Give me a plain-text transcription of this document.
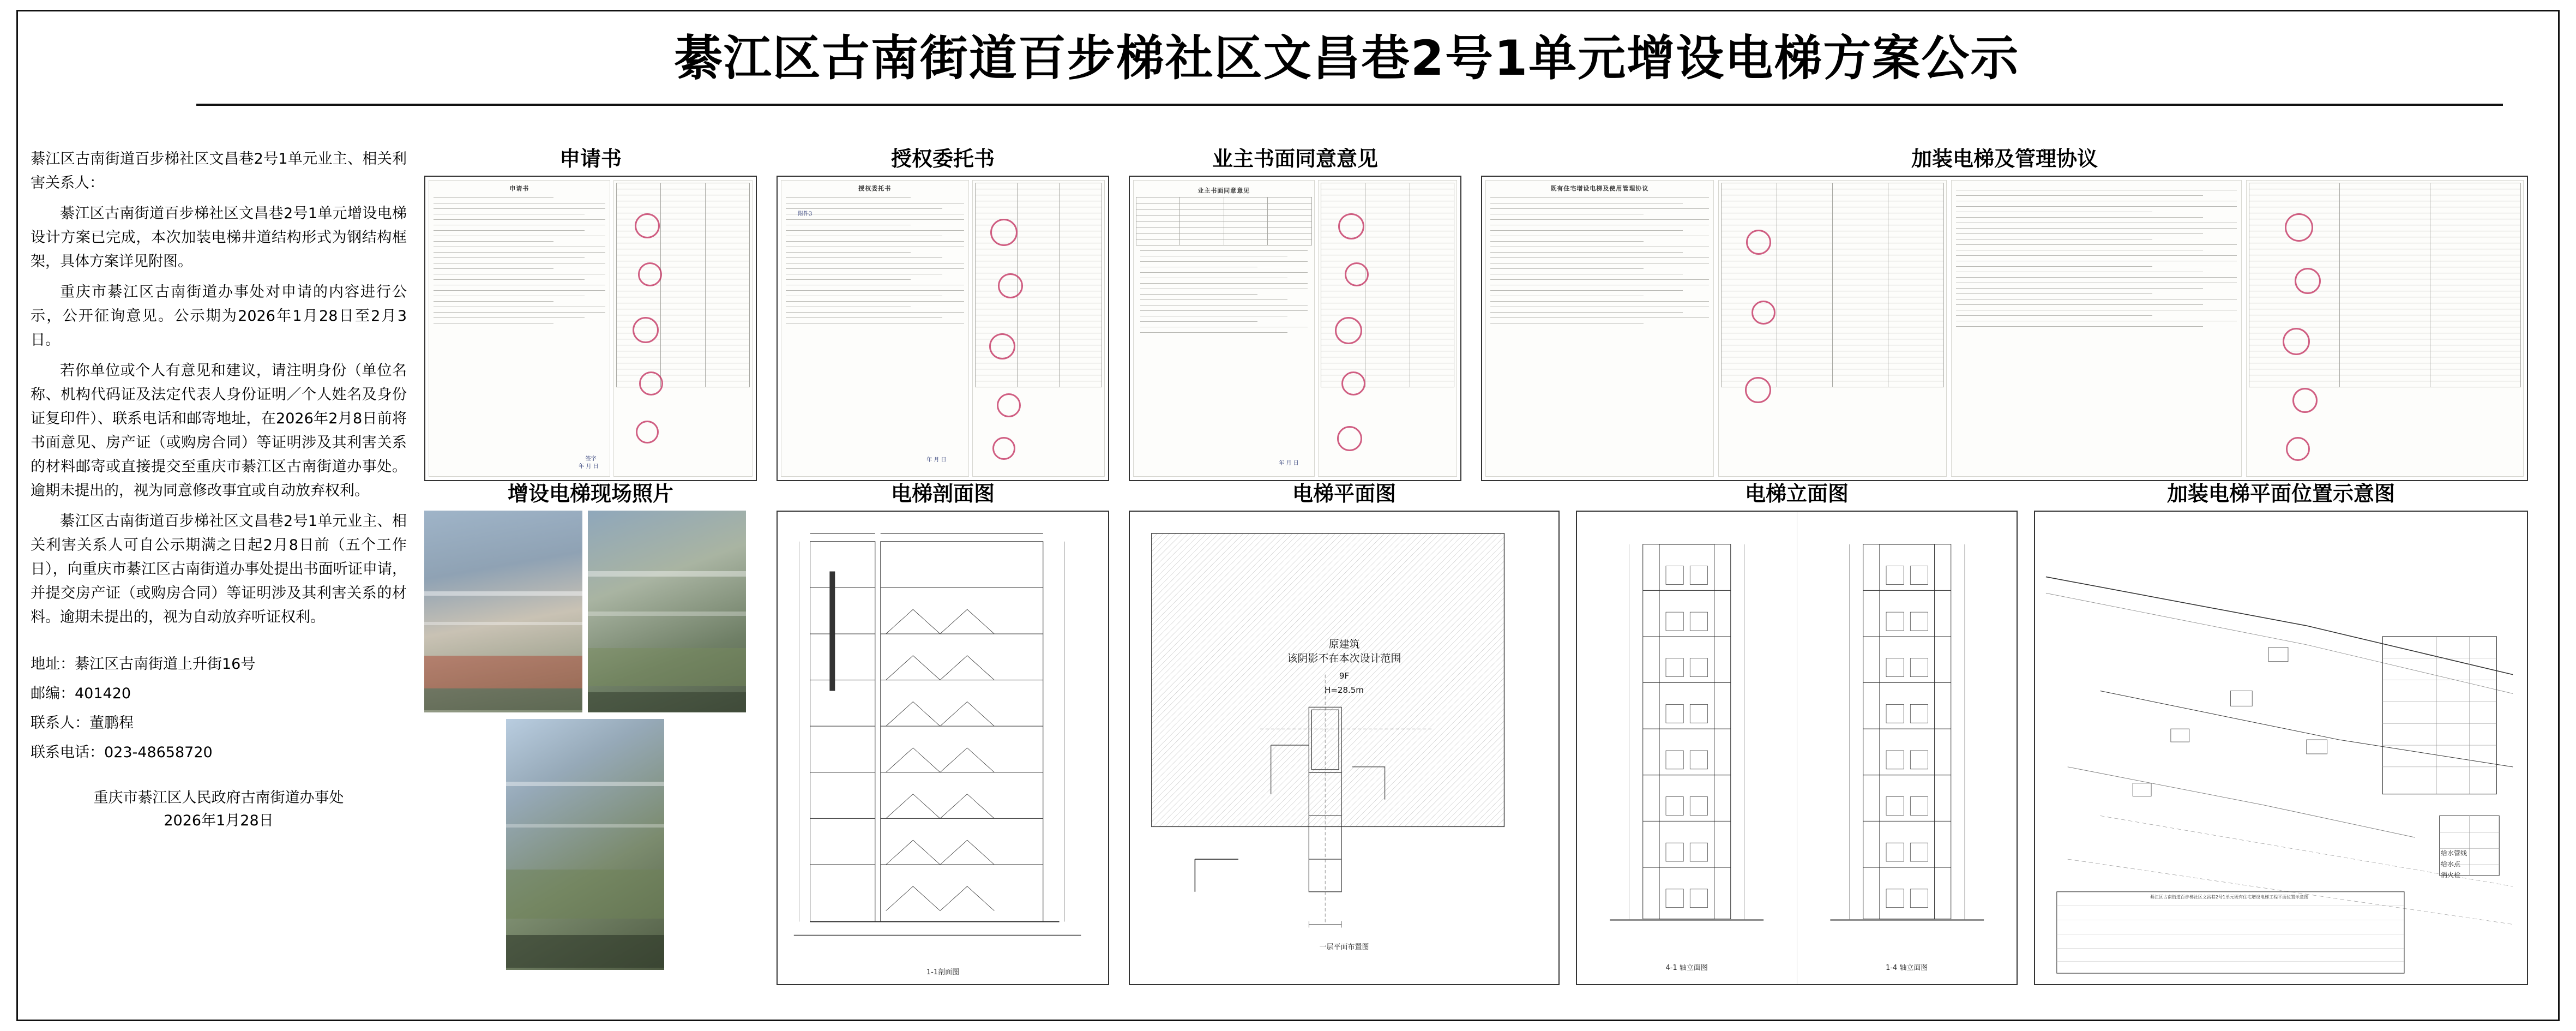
綦江区古南街道百步梯社区文昌巷2号1单元增设电梯方案公示

綦江区古南街道百步梯社区文昌巷2号1单元业主、相关利害关系人：

綦江区古南街道百步梯社区文昌巷2号1单元增设电梯设计方案已完成，本次加装电梯井道结构形式为钢结构框架，具体方案详见附图。

重庆市綦江区古南街道办事处对申请的内容进行公示，公开征询意见。公示期为2026年1月28日至2月3日。

若你单位或个人有意见和建议，请注明身份（单位名称、机构代码证及法定代表人身份证明／个人姓名及身份证复印件）、联系电话和邮寄地址，在2026年2月8日前将书面意见、房产证（或购房合同）等证明涉及其利害关系的材料邮寄或直接提交至重庆市綦江区古南街道办事处。逾期未提出的，视为同意修改事宜或自动放弃权利。

綦江区古南街道百步梯社区文昌巷2号1单元业主、相关利害关系人可自公示期满之日起2月8日前（五个工作日），向重庆市綦江区古南街道办事处提出书面听证申请，并提交房产证（或购房合同）等证明涉及其利害关系的材料。逾期未提出的，视为自动放弃听证权利。

地址：綦江区古南街道上升街16号

邮编：401420

联系人：董鹏程

联系电话：023-48658720

重庆市綦江区人民政府古南街道办事处
2026年1月28日
申请书
申请书
签字
年 月 日

授权委托书
授权委托书
附件3
年 月 日

业主书面同意意见
业主书面同意意见

年 月 日

加装电梯及管理协议
既有住宅增设电梯及使用管理协议

增设电梯现场照片	电梯剖面图
1-1剖面图
电梯平面图
原建筑
该阴影不在本次设计范围
9F
H=28.5m
一层平面布置图
电梯立面图
4-1 轴立面图	1-4 轴立面图
加装电梯平面位置示意图
给水管线
给水点
消火栓
綦江区古南街道百步梯社区文昌巷2号1单元既有住宅增设电梯工程平面位置示意图
